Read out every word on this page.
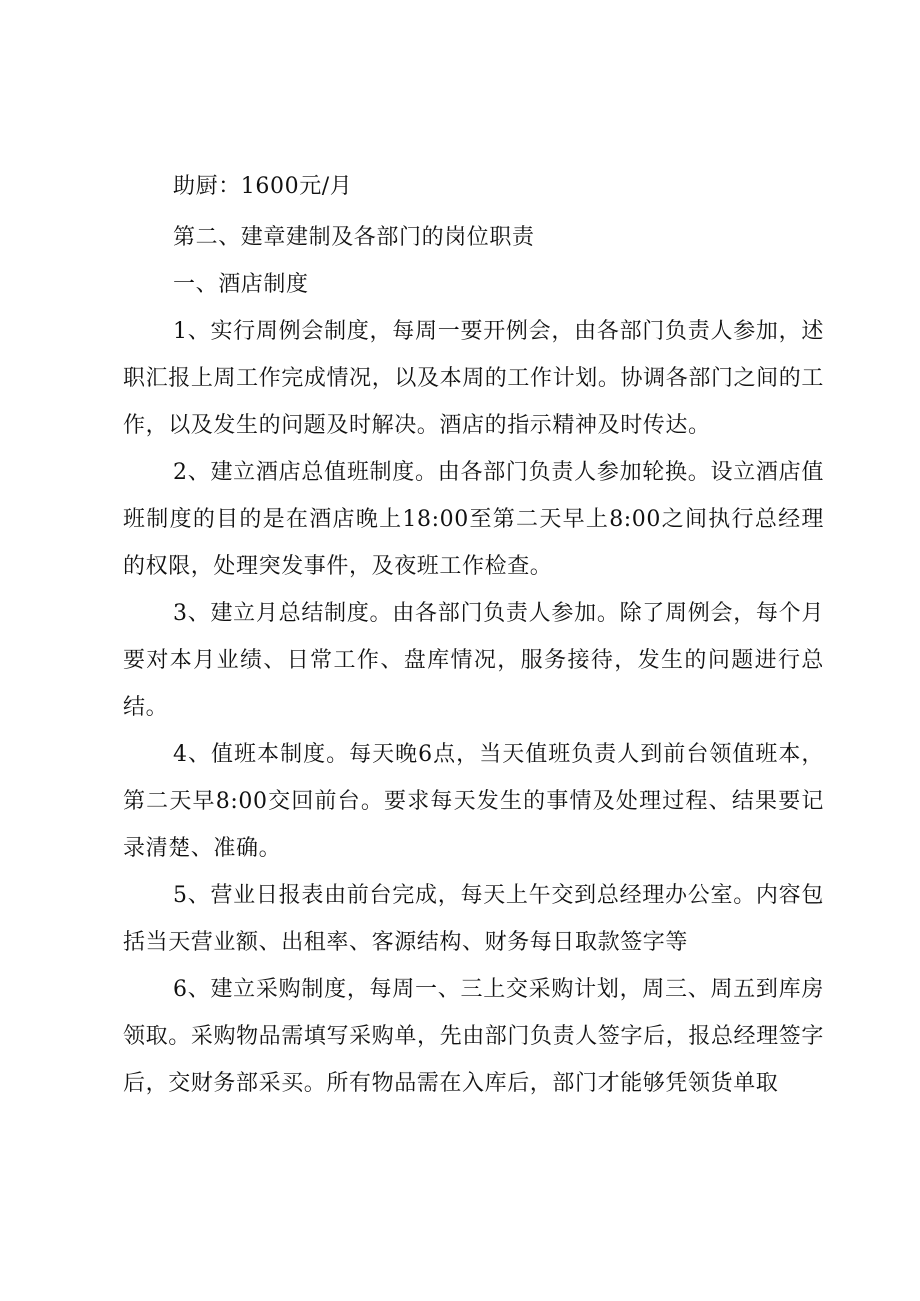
助厨：1600元/月

第二、建章建制及各部门的岗位职责

一、酒店制度

1、实行周例会制度，每周一要开例会，由各部门负责人参加，述职汇报上周工作完成情况，以及本周的工作计划。协调各部门之间的工作，以及发生的问题及时解决。酒店的指示精神及时传达。

2、建立酒店总值班制度。由各部门负责人参加轮换。设立酒店值班制度的目的是在酒店晚上18:00至第二天早上8:00之间执行总经理的权限，处理突发事件，及夜班工作检查。

3、建立月总结制度。由各部门负责人参加。除了周例会，每个月要对本月业绩、日常工作、盘库情况，服务接待，发生的问题进行总结。

4、值班本制度。每天晚6点，当天值班负责人到前台领值班本，第二天早8:00交回前台。要求每天发生的事情及处理过程、结果要记录清楚、准确。

5、营业日报表由前台完成，每天上午交到总经理办公室。内容包括当天营业额、出租率、客源结构、财务每日取款签字等

6、建立采购制度，每周一、三上交采购计划，周三、周五到库房领取。采购物品需填写采购单，先由部门负责人签字后，报总经理签字后，交财务部采买。所有物品需在入库后，部门才能够凭领货单取
